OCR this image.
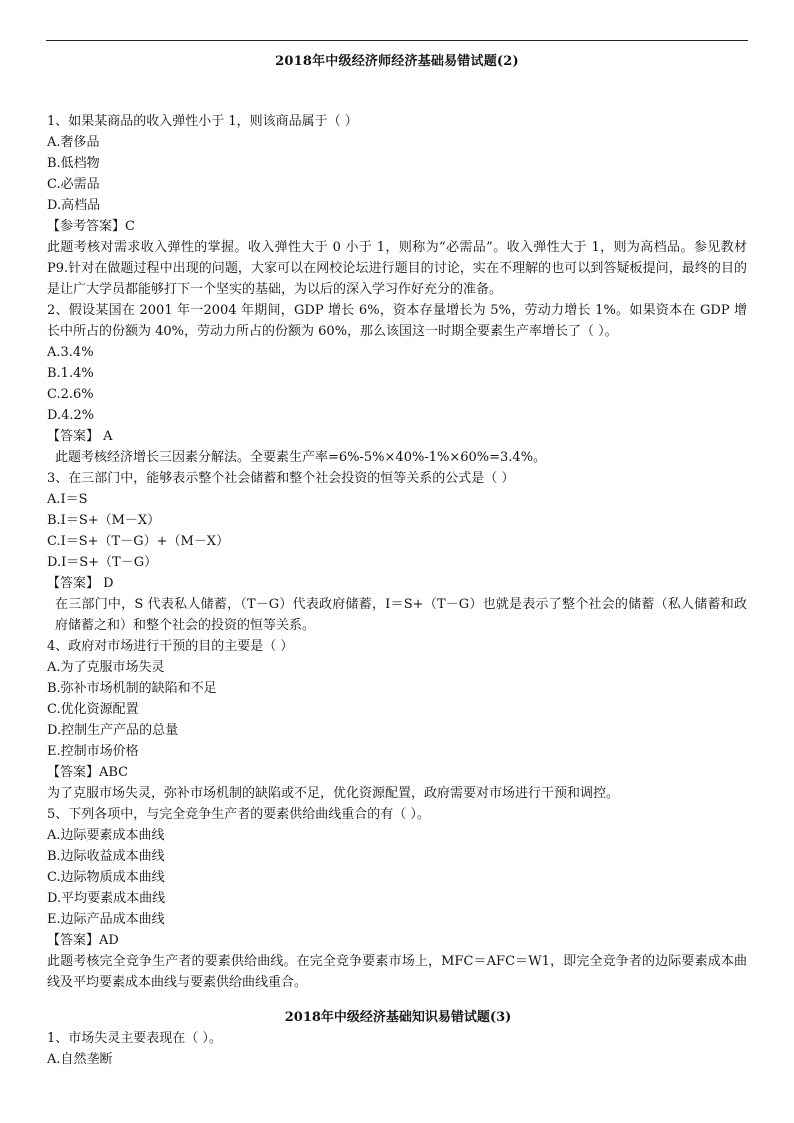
2018年中级经济师经济基础易错试题(2)
1、如果某商品的收入弹性小于 1，则该商品属于（ ）
A.奢侈品
B.低档物
C.必需品
D.高档品
【参考答案】C
此题考核对需求收入弹性的掌握。收入弹性大于 0 小于 1，则称为“必需品”。收入弹性大于 1，则为高档品。参见教材 P9.针对在做题过程中出现的问题，大家可以在网校论坛进行题目的讨论，实在不理解的也可以到答疑板提问，最终的目的是让广大学员都能够打下一个坚实的基础，为以后的深入学习作好充分的准备。
2、假设某国在 2001 年一2004 年期间，GDP 增长 6%，资本存量增长为 5%，劳动力增长 1%。如果资本在 GDP 增长中所占的份额为 40%，劳动力所占的份额为 60%，那么该国这一时期全要素生产率增长了（ ）。
A.3.4%
B.1.4%
C.2.6%
D.4.2%
【答案】 A
此题考核经济增长三因素分解法。全要素生产率=6%-5%×40%-1%×60%=3.4%。
3、在三部门中，能够表示整个社会储蓄和整个社会投资的恒等关系的公式是（ ）
A.I＝S
B.I＝S+（M－X）
C.I＝S+（T－G）+（M－X）
D.I＝S+（T－G）
【答案】 D
在三部门中，S 代表私人储蓄，（T－G）代表政府储蓄，I＝S+（T－G）也就是表示了整个社会的储蓄（私人储蓄和政府储蓄之和）和整个社会的投资的恒等关系。
4、政府对市场进行干预的目的主要是（ ）
A.为了克服市场失灵
B.弥补市场机制的缺陷和不足
C.优化资源配置
D.控制生产产品的总量
E.控制市场价格
【答案】ABC
为了克服市场失灵，弥补市场机制的缺陷或不足，优化资源配置，政府需要对市场进行干预和调控。
5、下列各项中，与完全竞争生产者的要素供给曲线重合的有（ ）。
A.边际要素成本曲线
B.边际收益成本曲线
C.边际物质成本曲线
D.平均要素成本曲线
E.边际产品成本曲线
【答案】AD
此题考核完全竞争生产者的要素供给曲线。在完全竞争要素市场上，MFC＝AFC＝W1，即完全竞争者的边际要素成本曲线及平均要素成本曲线与要素供给曲线重合。
2018年中级经济基础知识易错试题(3)
1、市场失灵主要表现在（ ）。
A.自然垄断
